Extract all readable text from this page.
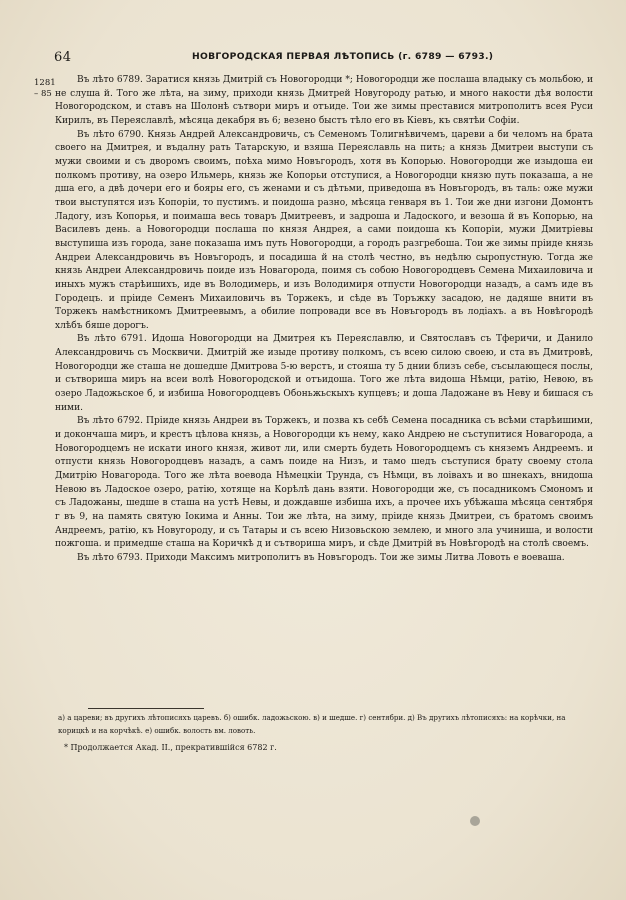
64	НОВГОРОДСКАЯ ПЕРВАЯ ЛѢТОПИСЬ (г. 6789 — 6793.)
1281 – 85

Въ лѣто 6789. Заратися князь Дмитрій съ Новогородци *; Новогородци же послаша владыку съ мольбою, и не слуша й. Того же лѣта, на зиму, приходи князь Дмитрей Новугороду ратью, и много накости дѣя волости Новогородском, и ставъ на Шолонѣ сътвори миръ и отъиде. Тои же зимы преставися митрополитъ всея Руси Кирилъ, въ Переяславлѣ, мѣсяца декабря въ 6; везено быстъ тѣло его въ Кіевъ, къ святѣи Софіи.

Въ лѣто 6790. Князь Андрей Александровичь, съ Семеномъ Толигнѣвичемъ, цареви а би челомъ на брата своего на Дмитрея, и въдалну рать Татарскую, и взяша Переяславль на пить; а князь Дмитреи выступи съ мужи своими и съ дворомъ своимъ, поѣха мимо Новъгородъ, хотя въ Копорью. Новогородци же изыдоша еи полкомъ противу, на озеро Ильмерь, князь же Копорьи отступися, а Новогородци князю путь показаша, а не дша его, а двѣ дочери его и бояры его, съ женами и съ дѣтьми, приведоша въ Новъгородъ, въ таль: оже мужи твои выступятся изъ Копоріи, то пустимъ. и поидоша разно, мѣсяца генваря въ 1. Тои же дни изгони Домонтъ Ладогу, изъ Копорья, и поимаша весь товаръ Дмитреевъ, и задроша и Ладоского, и везоша й въ Копорью, на Василевъ день. а Новогородци послаша по князя Андрея, а сами поидоша къ Копоріи, мужи Дмитріевы выступиша изъ города, зане показаша имъ путь Новогородци, а городъ разгребоша. Тои же зимы пріиде князь Андреи Александровичь въ Новъгородъ, и посадиша й на столѣ честно, въ недѣлю сыропустную. Тогда же князь Андреи Александровичь поиде изъ Новагорода, поимя съ собою Новогородцевъ Семена Михаиловича и иныхъ мужъ старѣишихъ, иде въ Володимерь, и изъ Володимиря отпусти Новогородци назадъ, а самъ иде въ Городецъ. и пріиде Семенъ Михаиловичь въ Торжекъ, и сѣде въ Торъжку засадою, не дадяше внити въ Торжекъ намѣстникомъ Дмитреевымъ, а обилие попровади все въ Новъгородъ въ лодіахъ. а въ Новѣгородѣ хлѣбъ бяше дорогъ.

Въ лѣто 6791. Идоша Новогородци на Дмитрея къ Переяславлю, и Святославъ съ Тферичи, и Данило Александровичь съ Москвичи. Дмитрій же изыде противу полкомъ, съ всею силою своею, и ста въ Дмитровѣ, Новогородци же сташа не дошедше Дмитрова 5-ю верстъ, и стояша ту 5 днии близъ себе, съсылающеся послы, и сътвориша миръ на всеи волѣ Новогородской и отъидоша. Того же лѣта видоша Нѣмци, ратію, Невою, въ озеро Ладожьское б, и избиша Новогородцевъ Обоньжьскыхъ купцевъ; и доша Ладожане въ Неву и бишася съ ними.

Въ лѣто 6792. Пріиде князь Андреи въ Торжекъ, и позва къ себѣ Семена посадника съ всѣми старѣишими, и докончаша миръ, и крестъ цѣлова князь, а Новогородци къ нему, како Андрею не съступитися Новагорода, а Новогородцемъ не искати иного князя, живот ли, или смерть будеть Новогородцемъ съ княземъ Андреемъ. и отпусти князь Новогородцевъ назадъ, а самъ поиде на Низъ, и тамо шедъ съступися брату своему стола Дмитрію Новагорода. Того же лѣта воевода Нѣмецкіи Трунда, съ Нѣмци, въ лоіваxъ и во шнекахъ, внидоша Невою въ Ладоское озеро, ратію, хотяще на Корѣлѣ дань взяти. Новогородци же, съ посадникомъ Смономъ и съ Ладожаны, шедше в сташа на устѣ Невы, и дождавше избиша ихъ, а прочее ихъ убѣжаша мѣсяца сентября г въ 9, на память святую Іокима и Анны. Тои же лѣта, на зиму, пріиде князь Дмитреи, съ братомъ своимъ Андреемъ, ратію, къ Новугороду, и съ Татары и съ всею Низовьскою землею, и много зла учиниша, и волости пожгоша. и примедше сташа на Коричкѣ д и сътвориша миръ, и сѣде Дмитрій въ Новѣгородѣ на столѣ своемъ.

Въ лѣто 6793. Приходи Максимъ митрополитъ въ Новъгородъ. Тои же зимы Литва Ловоть е воеваша.

а) а цареви; въ другихъ лѣтописяхъ царевъ. б) ошибк. ладожьскою. в) и шедше. г) сентябри. д) Въ другихъ лѣтописяхъ: на корѣчки, на корицкѣ и на корчѣкѣ. е) ошибк. волость вм. ловоть.

* Продолжается Акад. II., прекратившійся 6782 г.
